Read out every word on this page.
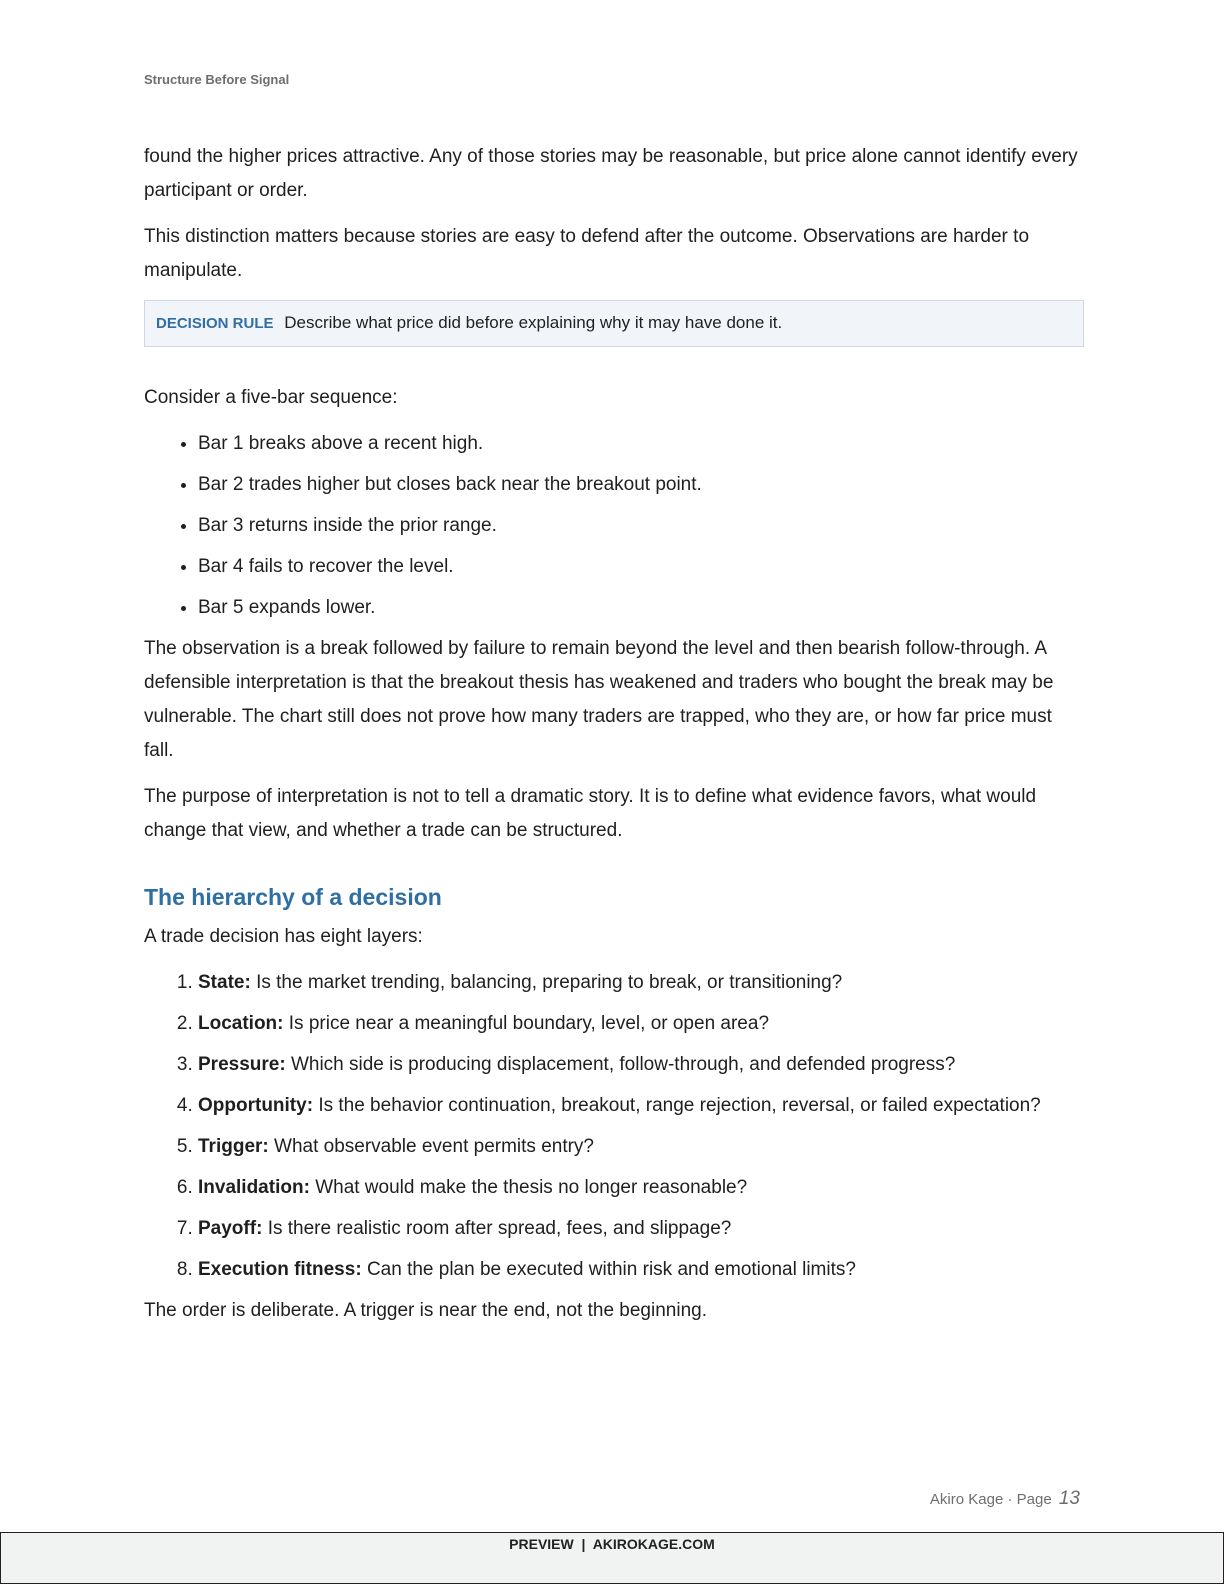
Structure Before Signal

found the higher prices attractive. Any of those stories may be reasonable, but price alone cannot identify every participant or order.

This distinction matters because stories are easy to defend after the outcome. Observations are harder to manipulate.

DECISION RULE Describe what price did before explaining why it may have done it.

Consider a five-bar sequence:

• Bar 1 breaks above a recent high.
• Bar 2 trades higher but closes back near the breakout point.
• Bar 3 returns inside the prior range.
• Bar 4 fails to recover the level.
• Bar 5 expands lower.

The observation is a break followed by failure to remain beyond the level and then bearish follow-through. A defensible interpretation is that the breakout thesis has weakened and traders who bought the break may be vulnerable. The chart still does not prove how many traders are trapped, who they are, or how far price must fall.

The purpose of interpretation is not to tell a dramatic story. It is to define what evidence favors, what would change that view, and whether a trade can be structured.

The hierarchy of a decision

A trade decision has eight layers:

1. State: Is the market trending, balancing, preparing to break, or transitioning?
2. Location: Is price near a meaningful boundary, level, or open area?
3. Pressure: Which side is producing displacement, follow-through, and defended progress?
4. Opportunity: Is the behavior continuation, breakout, range rejection, reversal, or failed expectation?
5. Trigger: What observable event permits entry?
6. Invalidation: What would make the thesis no longer reasonable?
7. Payoff: Is there realistic room after spread, fees, and slippage?
8. Execution fitness: Can the plan be executed within risk and emotional limits?

The order is deliberate. A trigger is near the end, not the beginning.

Akiro Kage · Page 13
PREVIEW  |  AKIROKAGE.COM
